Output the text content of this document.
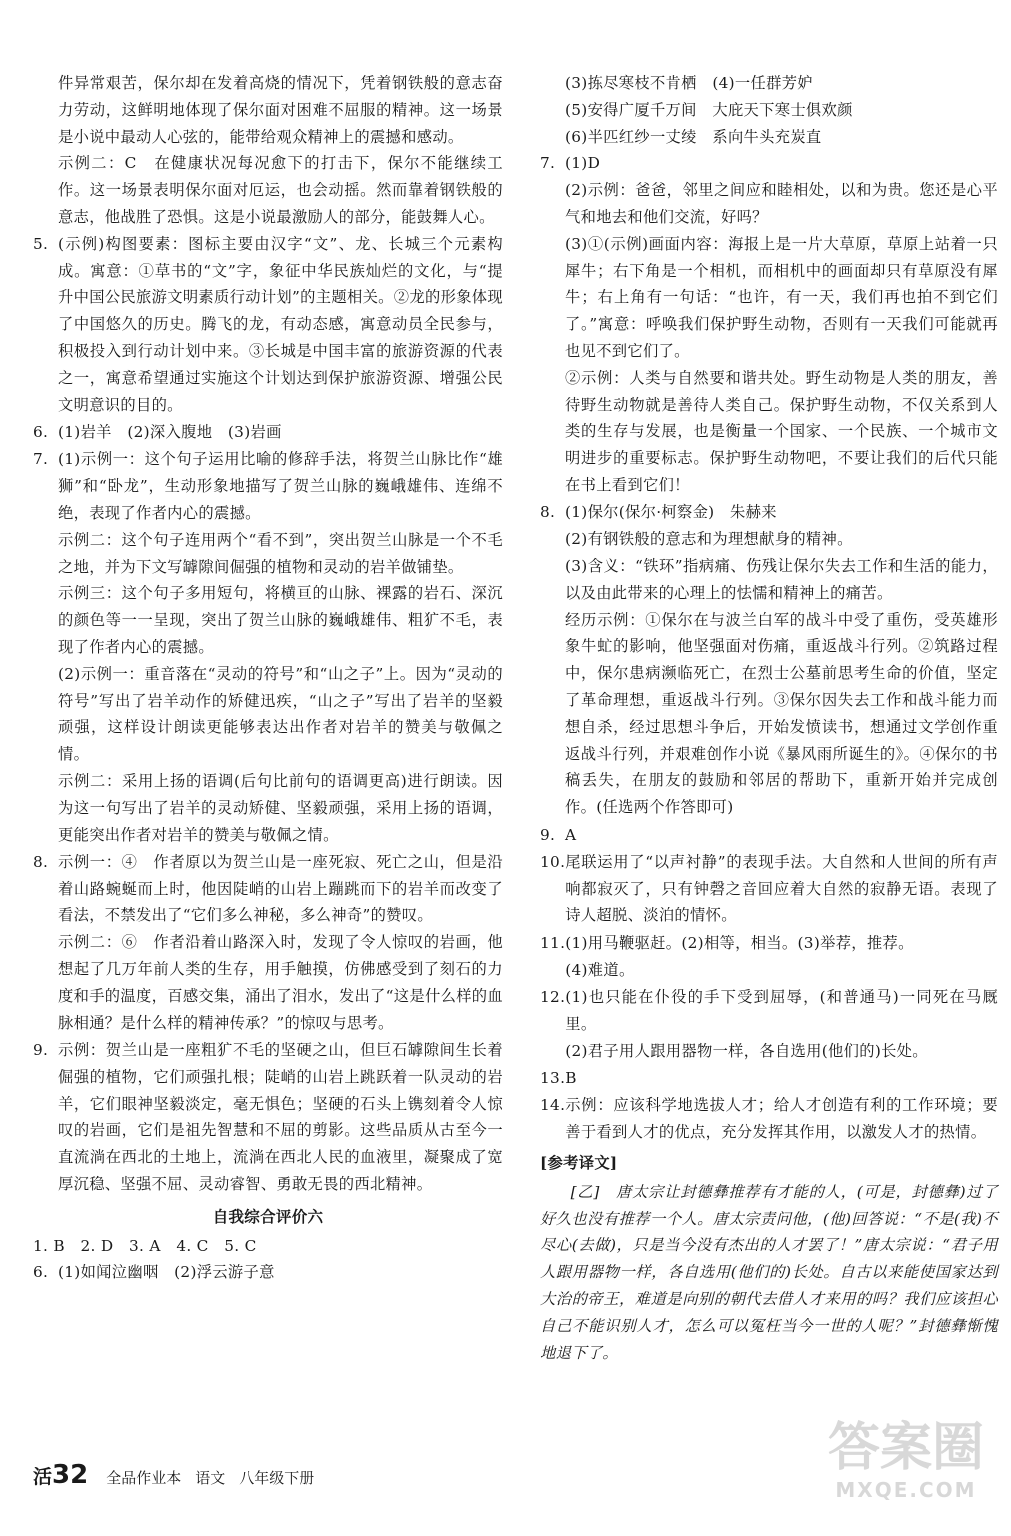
件异常艰苦，保尔却在发着高烧的情况下，凭着钢铁般的意志奋力劳动，这鲜明地体现了保尔面对困难不屈服的精神。这一场景是小说中最动人心弦的，能带给观众精神上的震撼和感动。
示例二：C　在健康状况每况愈下的打击下，保尔不能继续工作。这一场景表明保尔面对厄运，也会动摇。然而靠着钢铁般的意志，他战胜了恐惧。这是小说最激励人的部分，能鼓舞人心。
5. (示例)构图要素：图标主要由汉字“文”、龙、长城三个元素构成。寓意：①草书的“文”字，象征中华民族灿烂的文化，与“提升中国公民旅游文明素质行动计划”的主题相关。②龙的形象体现了中国悠久的历史。腾飞的龙，有动态感，寓意动员全民参与，积极投入到行动计划中来。③长城是中国丰富的旅游资源的代表之一，寓意希望通过实施这个计划达到保护旅游资源、增强公民文明意识的目的。
6. (1)岩羊　(2)深入腹地　(3)岩画
7. (1)示例一：这个句子运用比喻的修辞手法，将贺兰山脉比作“雄狮”和“卧龙”，生动形象地描写了贺兰山脉的巍峨雄伟、连绵不绝，表现了作者内心的震撼。
示例二：这个句子连用两个“看不到”，突出贺兰山脉是一个不毛之地，并为下文写罅隙间倔强的植物和灵动的岩羊做铺垫。
示例三：这个句子多用短句，将横亘的山脉、裸露的岩石、深沉的颜色等一一呈现，突出了贺兰山脉的巍峨雄伟、粗犷不毛，表现了作者内心的震撼。
(2)示例一：重音落在“灵动的符号”和“山之子”上。因为“灵动的符号”写出了岩羊动作的矫健迅疾，“山之子”写出了岩羊的坚毅顽强，这样设计朗读更能够表达出作者对岩羊的赞美与敬佩之情。
示例二：采用上扬的语调(后句比前句的语调更高)进行朗读。因为这一句写出了岩羊的灵动矫健、坚毅顽强，采用上扬的语调，更能突出作者对岩羊的赞美与敬佩之情。
8. 示例一：④　作者原以为贺兰山是一座死寂、死亡之山，但是沿着山路蜿蜒而上时，他因陡峭的山岩上蹦跳而下的岩羊而改变了看法，不禁发出了“它们多么神秘，多么神奇”的赞叹。
示例二：⑥　作者沿着山路深入时，发现了令人惊叹的岩画，他想起了几万年前人类的生存，用手触摸，仿佛感受到了刻石的力度和手的温度，百感交集，涌出了泪水，发出了“这是什么样的血脉相通？是什么样的精神传承？”的惊叹与思考。
9. 示例：贺兰山是一座粗犷不毛的坚硬之山，但巨石罅隙间生长着倔强的植物，它们顽强扎根；陡峭的山岩上跳跃着一队灵动的岩羊，它们眼神坚毅淡定，毫无惧色；坚硬的石头上镌刻着令人惊叹的岩画，它们是祖先智慧和不屈的剪影。这些品质从古至今一直流淌在西北的土地上，流淌在西北人民的血液里，凝聚成了宽厚沉稳、坚强不屈、灵动睿智、勇敢无畏的西北精神。
自我综合评价六
1. B　2. D　3. A　4. C　5. C
6. (1)如闻泣幽咽　(2)浮云游子意
(3)拣尽寒枝不肯栖　(4)一任群芳妒
(5)安得广厦千万间　大庇天下寒士俱欢颜
(6)半匹红纱一丈绫　系向牛头充炭直
7. (1)D
(2)示例：爸爸，邻里之间应和睦相处，以和为贵。您还是心平气和地去和他们交流，好吗？
(3)①(示例)画面内容：海报上是一片大草原，草原上站着一只犀牛；右下角是一个相机，而相机中的画面却只有草原没有犀牛；右上角有一句话：“也许，有一天，我们再也拍不到它们了。”寓意：呼唤我们保护野生动物，否则有一天我们可能就再也见不到它们了。
②示例：人类与自然要和谐共处。野生动物是人类的朋友，善待野生动物就是善待人类自己。保护野生动物，不仅关系到人类的生存与发展，也是衡量一个国家、一个民族、一个城市文明进步的重要标志。保护野生动物吧，不要让我们的后代只能在书上看到它们！
8. (1)保尔(保尔·柯察金)　朱赫来
(2)有钢铁般的意志和为理想献身的精神。
(3)含义：“铁环”指病痛、伤残让保尔失去工作和生活的能力，以及由此带来的心理上的怯懦和精神上的痛苦。
经历示例：①保尔在与波兰白军的战斗中受了重伤，受英雄形象牛虻的影响，他坚强面对伤痛，重返战斗行列。②筑路过程中，保尔患病濒临死亡，在烈士公墓前思考生命的价值，坚定了革命理想，重返战斗行列。③保尔因失去工作和战斗能力而想自杀，经过思想斗争后，开始发愤读书，想通过文学创作重返战斗行列，并艰难创作小说《暴风雨所诞生的》。④保尔的书稿丢失，在朋友的鼓励和邻居的帮助下，重新开始并完成创作。(任选两个作答即可)
9. A
10. 尾联运用了“以声衬静”的表现手法。大自然和人世间的所有声响都寂灭了，只有钟磬之音回应着大自然的寂静无语。表现了诗人超脱、淡泊的情怀。
11. (1)用马鞭驱赶。(2)相等，相当。(3)举荐，推荐。
(4)难道。
12. (1)也只能在仆役的手下受到屈辱，(和普通马)一同死在马厩里。
(2)君子用人跟用器物一样，各自选用(他们的)长处。
13. B
14. 示例：应该科学地选拔人才；给人才创造有利的工作环境；要善于看到人才的优点，充分发挥其作用，以激发人才的热情。
[参考译文]
[乙]　唐太宗让封德彝推荐有才能的人，(可是，封德彝)过了好久也没有推荐一个人。唐太宗责问他，(他)回答说：“不是(我)不尽心(去做)，只是当今没有杰出的人才罢了！”唐太宗说：“君子用人跟用器物一样，各自选用(他们的)长处。自古以来能使国家达到大治的帝王，难道是向别的朝代去借人才来用的吗？我们应该担心自己不能识别人才，怎么可以冤枉当今一世的人呢？”封德彝惭愧地退下了。
活 32 全品作业本 语文 八年级下册	答案圈
MXQE.COM
